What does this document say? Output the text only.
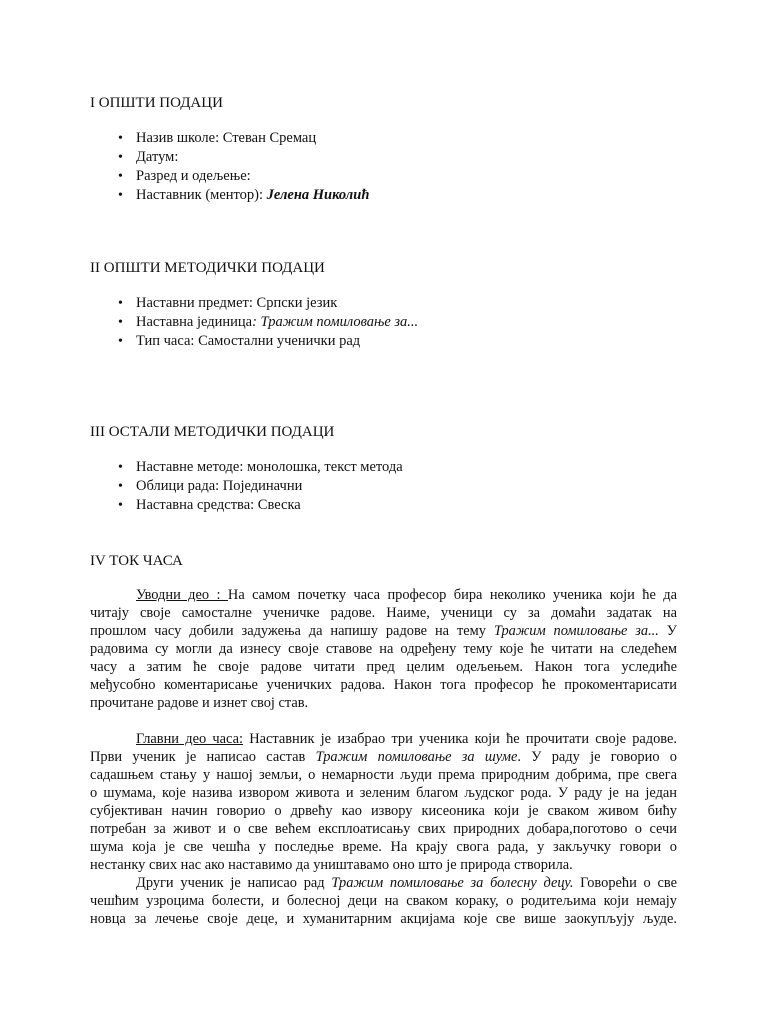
I ОПШТИ ПОДАЦИ
• Назив школе: Стеван Сремац
• Датум:
• Разред и одељење:
• Наставник (ментор): Јелена Николић
II ОПШТИ МЕТОДИЧКИ ПОДАЦИ
• Наставни предмет: Српски језик
• Наставна јединица: Тражим помиловање за...
• Тип часа: Самостални ученички рад
III ОСТАЛИ МЕТОДИЧКИ ПОДАЦИ
• Наставне методе: монолошка, текст метода
• Облици рада: Појединачни
• Наставна средства: Свеска
IV ТОК ЧАСА
Уводни део : На самом почетку часа професор бира неколико ученика који ће да
читају своје самосталне ученичке радове. Наиме, ученици су за домаћи задатак на
прошлом часу добили задужења да напишу радове на тему Тражим помиловање за... У
радовима су могли да изнесу своје ставове на одређену тему које ће читати на следећем
часу а затим ће своје радове читати пред целим одељењем. Након тога уследиће
међусобно коментарисање ученичких радова. Након тога професор ће прокоментарисати
прочитане радове и изнет свој став.
Главни део часа: Наставник је изабрао три ученика који ће прочитати своје радове.
Први ученик је написао састав Тражим помиловање за шуме. У раду је говорио о
садашњем стању у нашој земљи, о немарности људи према природним добрима, пре свега
о шумама, које назива извором живота и зеленим благом људског рода. У раду је на један
субјективан начин говорио о дрвећу као извору кисеоника који је сваком живом бићу
потребан за живот и о све већем експлоатисању свих природних добара,поготово о сечи
шума која је све чешћа у последње време. На крају свога рада, у закључку говори о
нестанку свих нас ако наставимо да уништавамо оно што је природа створила.
Други ученик је написао рад Тражим помиловање за болесну децу. Говорећи о све
чешћим узроцима болести, и болесној деци на сваком кораку, о родитељима који немају
новца за лечење своје деце, и хуманитарним акцијама које све више заокупљују људе.
